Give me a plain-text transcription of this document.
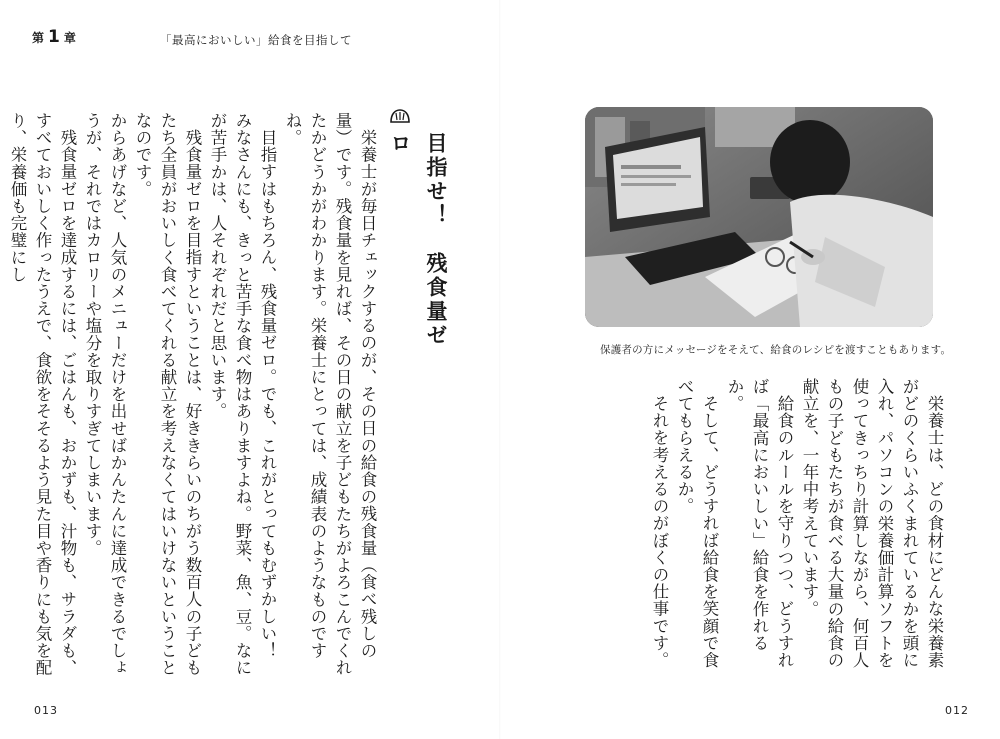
第 1 章	「最高においしい」給食を目指して
目指せ！　残食量ゼロ

栄養士が毎日チェックするのが、その日の給食の残食量（食べ残しの量）です。残食量を見れば、その日の献立を子どもたちがよろこんでくれたかどうかがわかります。栄養士にとっては、成績表のようなものですね。

目指すはもちろん、残食量ゼロ。でも、これがとってもむずかしい！　みなさんにも、きっと苦手な食べ物はありますよね。野菜、魚、豆。なにが苦手かは、人それぞれだと思います。

残食量ゼロを目指すということは、好ききらいのちがう数百人の子どもたち全員がおいしく食べてくれる献立を考えなくてはいけないということなのです。

からあげなど、人気のメニューだけを出せばかんたんに達成できるでしょうが、それではカロリーや塩分を取りすぎてしまいます。

残食量ゼロを達成するには、ごはんも、おかずも、汁物も、サラダも、すべておいしく作ったうえで、食欲をそそるよう見た目や香りにも気を配り、栄養価も完璧にし

保護者の方にメッセージをそえて、給食のレシピを渡すこともあります。

栄養士は、どの食材にどんな栄養素がどのくらいふくまれているかを頭に入れ、パソコンの栄養価計算ソフトを使ってきっちり計算しながら、何百人もの子どもたちが食べる大量の給食の献立を、一年中考えています。

給食のルールを守りつつ、どうすれば「最高においしい」給食を作れるか。

そして、どうすれば給食を笑顔で食べてもらえるか。

それを考えるのがぼくの仕事です。

013	012
